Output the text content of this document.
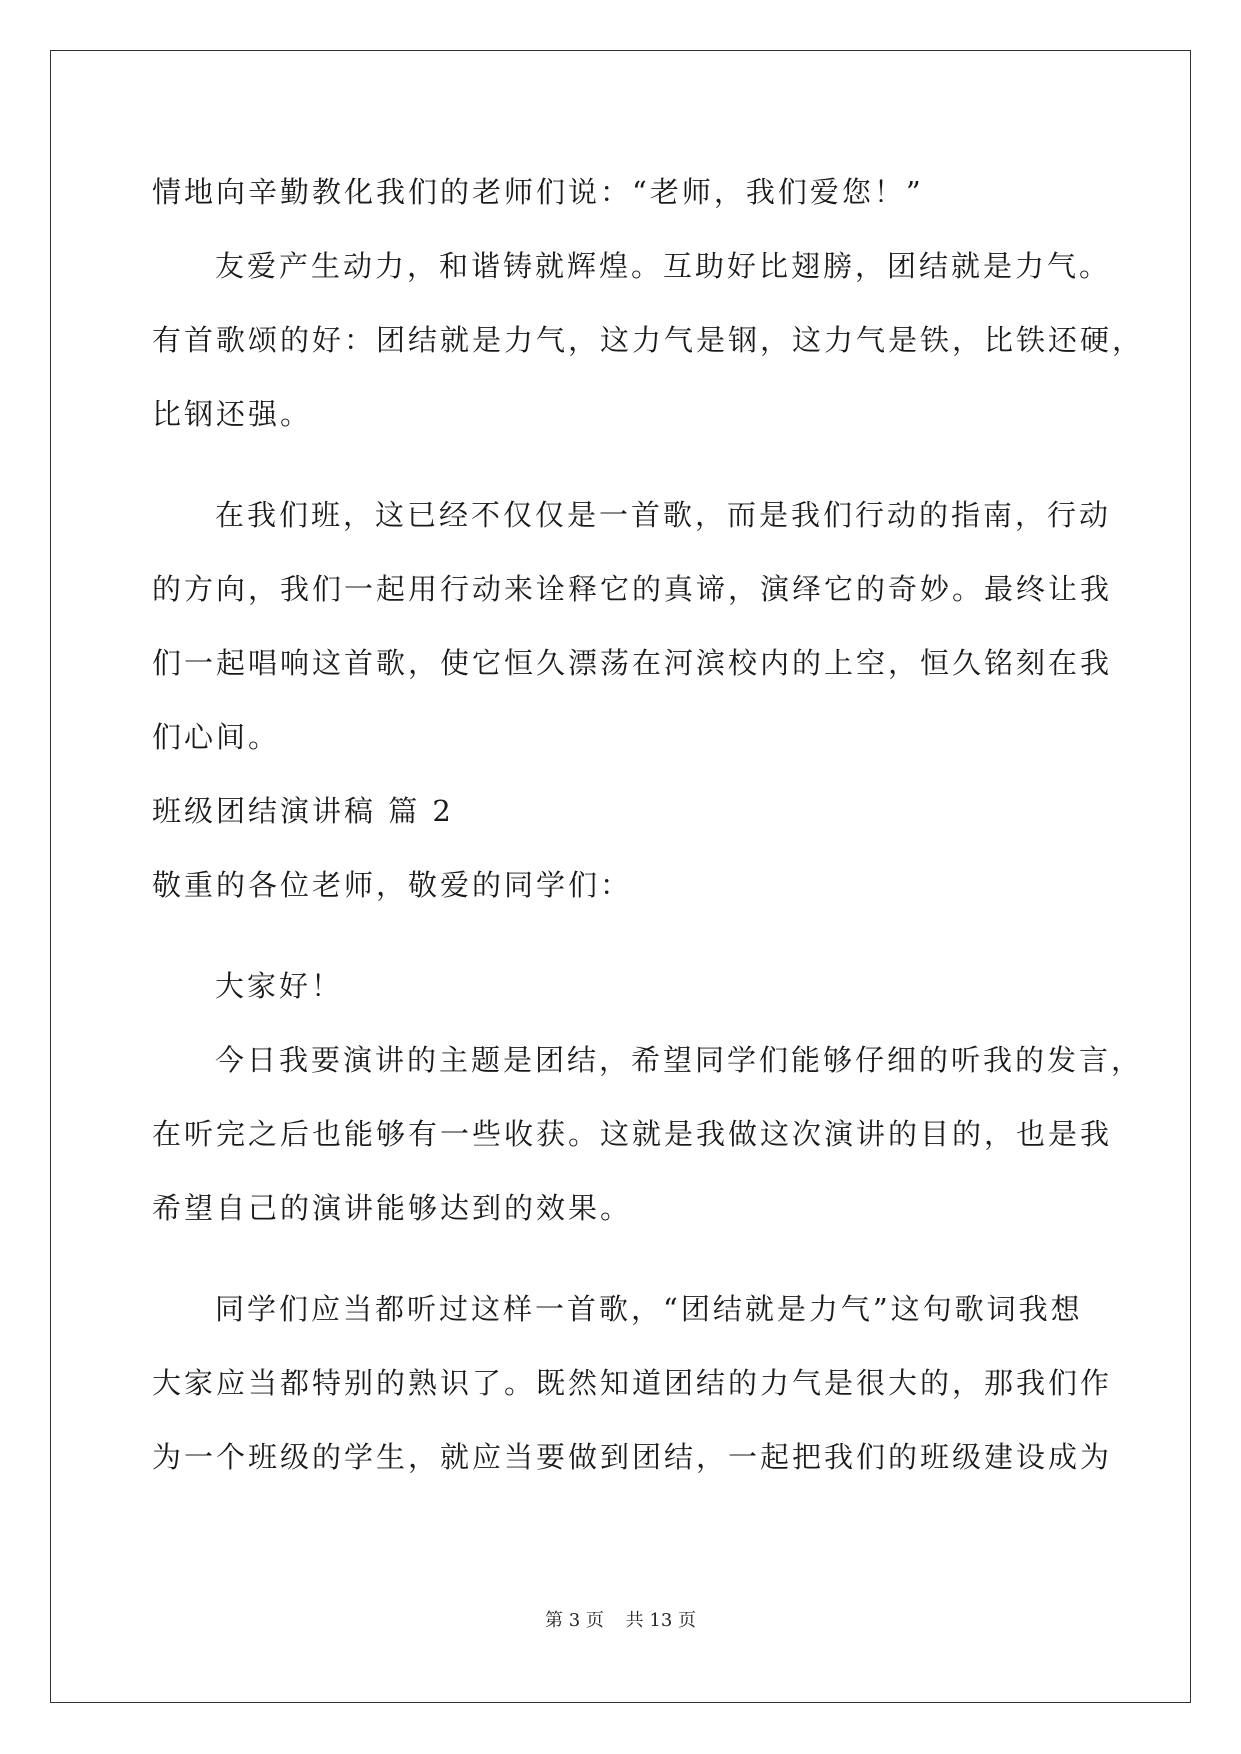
情地向辛勤教化我们的老师们说：“老师，我们爱您！”
友爱产生动力，和谐铸就辉煌。互助好比翅膀，团结就是力气。
有首歌颂的好：团结就是力气，这力气是钢，这力气是铁，比铁还硬，
比钢还强。
在我们班，这已经不仅仅是一首歌，而是我们行动的指南，行动
的方向，我们一起用行动来诠释它的真谛，演绎它的奇妙。最终让我
们一起唱响这首歌，使它恒久漂荡在河滨校内的上空，恒久铭刻在我
们心间。
班级团结演讲稿 篇 2
敬重的各位老师，敬爱的同学们：
大家好！
今日我要演讲的主题是团结，希望同学们能够仔细的听我的发言，
在听完之后也能够有一些收获。这就是我做这次演讲的目的，也是我
希望自己的演讲能够达到的效果。
同学们应当都听过这样一首歌，“团结就是力气”这句歌词我想
大家应当都特别的熟识了。既然知道团结的力气是很大的，那我们作
为一个班级的学生，就应当要做到团结，一起把我们的班级建设成为
第 3 页 共 13 页
